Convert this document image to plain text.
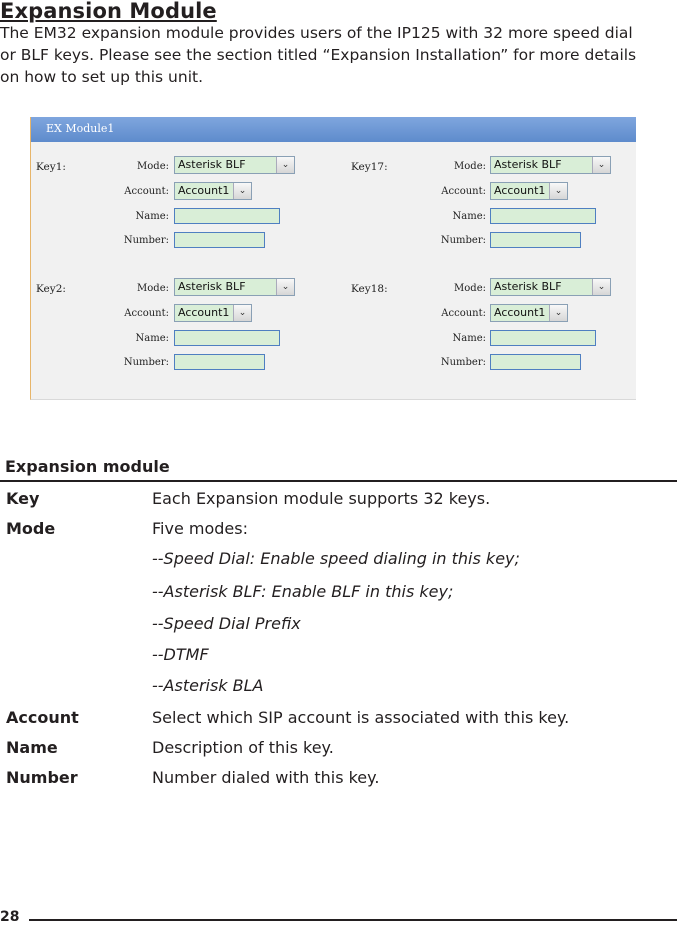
Expansion Module
The EM32 expansion module provides users of the IP125 with 32 more speed dial
or BLF keys. Please see the section titled “Expansion Installation” for more details
on how to set up this unit.
EX Module1
Key1:	Mode: Asterisk BLF	⌄
Account: Account1	⌄
Name:
Number:
Key17:	Mode: Asterisk BLF	⌄
Account: Account1	⌄
Name:
Number:
Key2:	Mode: Asterisk BLF	⌄
Account: Account1	⌄
Name:
Number:
Key18:	Mode: Asterisk BLF	⌄
Account: Account1	⌄
Name:
Number:
Expansion module
Key	Each Expansion module supports 32 keys.
Mode	Five modes:
--Speed Dial: Enable speed dialing in this key;
--Asterisk BLF: Enable BLF in this key;
--Speed Dial Prefix
--DTMF
--Asterisk BLA
Account	Select which SIP account is associated with this key.
Name	Description of this key.
Number	Number dialed with this key.
28
